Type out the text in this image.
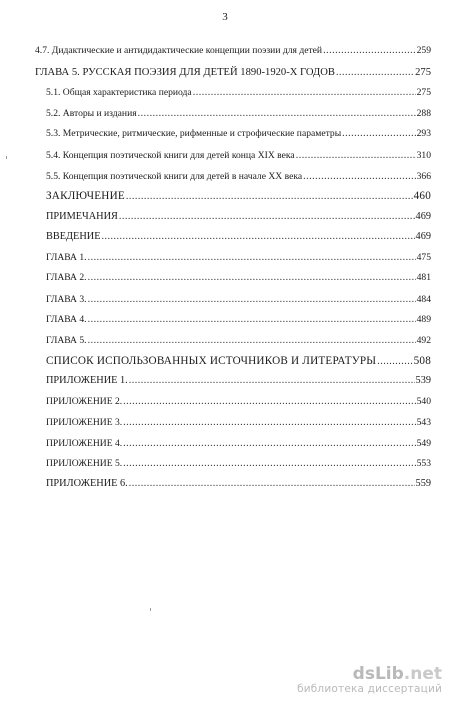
3
4.7. Дидактические и антидидактические концепции поэзии для детей .....	259
ГЛАВА 5. РУССКАЯ ПОЭЗИЯ ДЛЯ ДЕТЕЙ 1890-1920-Х ГОДОВ .....	275
5.1. Общая характеристика периода .....	275
5.2. Авторы и издания .....	288
5.3. Метрические, ритмические, рифменные и строфические параметры .....	293
5.4. Концепция поэтической книги для детей конца XIX века .....	310
5.5. Концепция поэтической книги для детей в начале XX века .....	366
ЗАКЛЮЧЕНИЕ .....	460
ПРИМЕЧАНИЯ .....	469
ВВЕДЕНИЕ .....	469
ГЛАВА 1. .....	475
ГЛАВА 2. .....	481
ГЛАВА 3. .....	484
ГЛАВА 4. .....	489
ГЛАВА 5. .....	492
СПИСОК ИСПОЛЬЗОВАННЫХ ИСТОЧНИКОВ И ЛИТЕРАТУРЫ .....	508
ПРИЛОЖЕНИЕ 1. .....	539
ПРИЛОЖЕНИЕ 2. .....	540
ПРИЛОЖЕНИЕ 3. .....	543
ПРИЛОЖЕНИЕ 4. .....	549
ПРИЛОЖЕНИЕ 5. .....	553
ПРИЛОЖЕНИЕ 6. .....	559
dsLib.net
библиотека диссертаций
